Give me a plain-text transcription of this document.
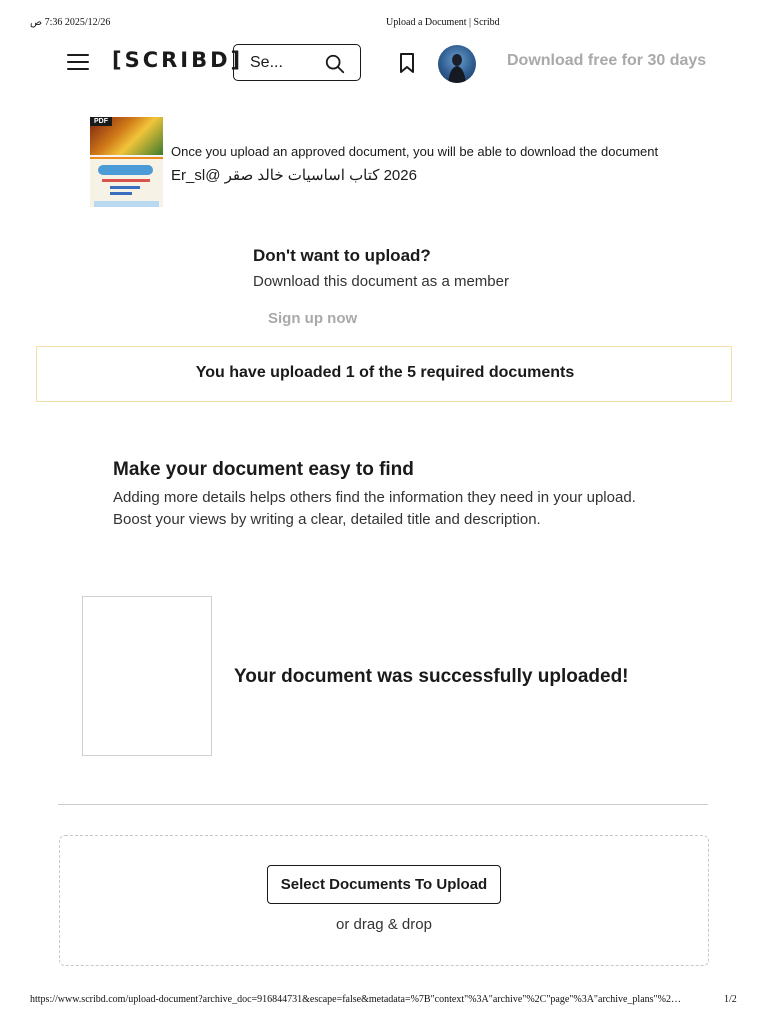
2025/12/26 7:36 ص	Upload a Document | Scribd
[SCRIBD] Se...	Download free for 30 days
PDF
Once you upload an approved document, you will be able to download the document
2026 كتاب اساسيات خالد صقر @Er_sl
Don't want to upload?
Download this document as a member
Sign up now
You have uploaded 1 of the 5 required documents
Make your document easy to find
Adding more details helps others find the information they need in your upload.
Boost your views by writing a clear, detailed title and description.
Your document was successfully uploaded!
Select Documents To Upload
or drag & drop
https://www.scribd.com/upload-document?archive_doc=916844731&escape=false&metadata=%7B"context"%3A"archive"%2C"page"%3A"archive_plans"%2…	1/2
